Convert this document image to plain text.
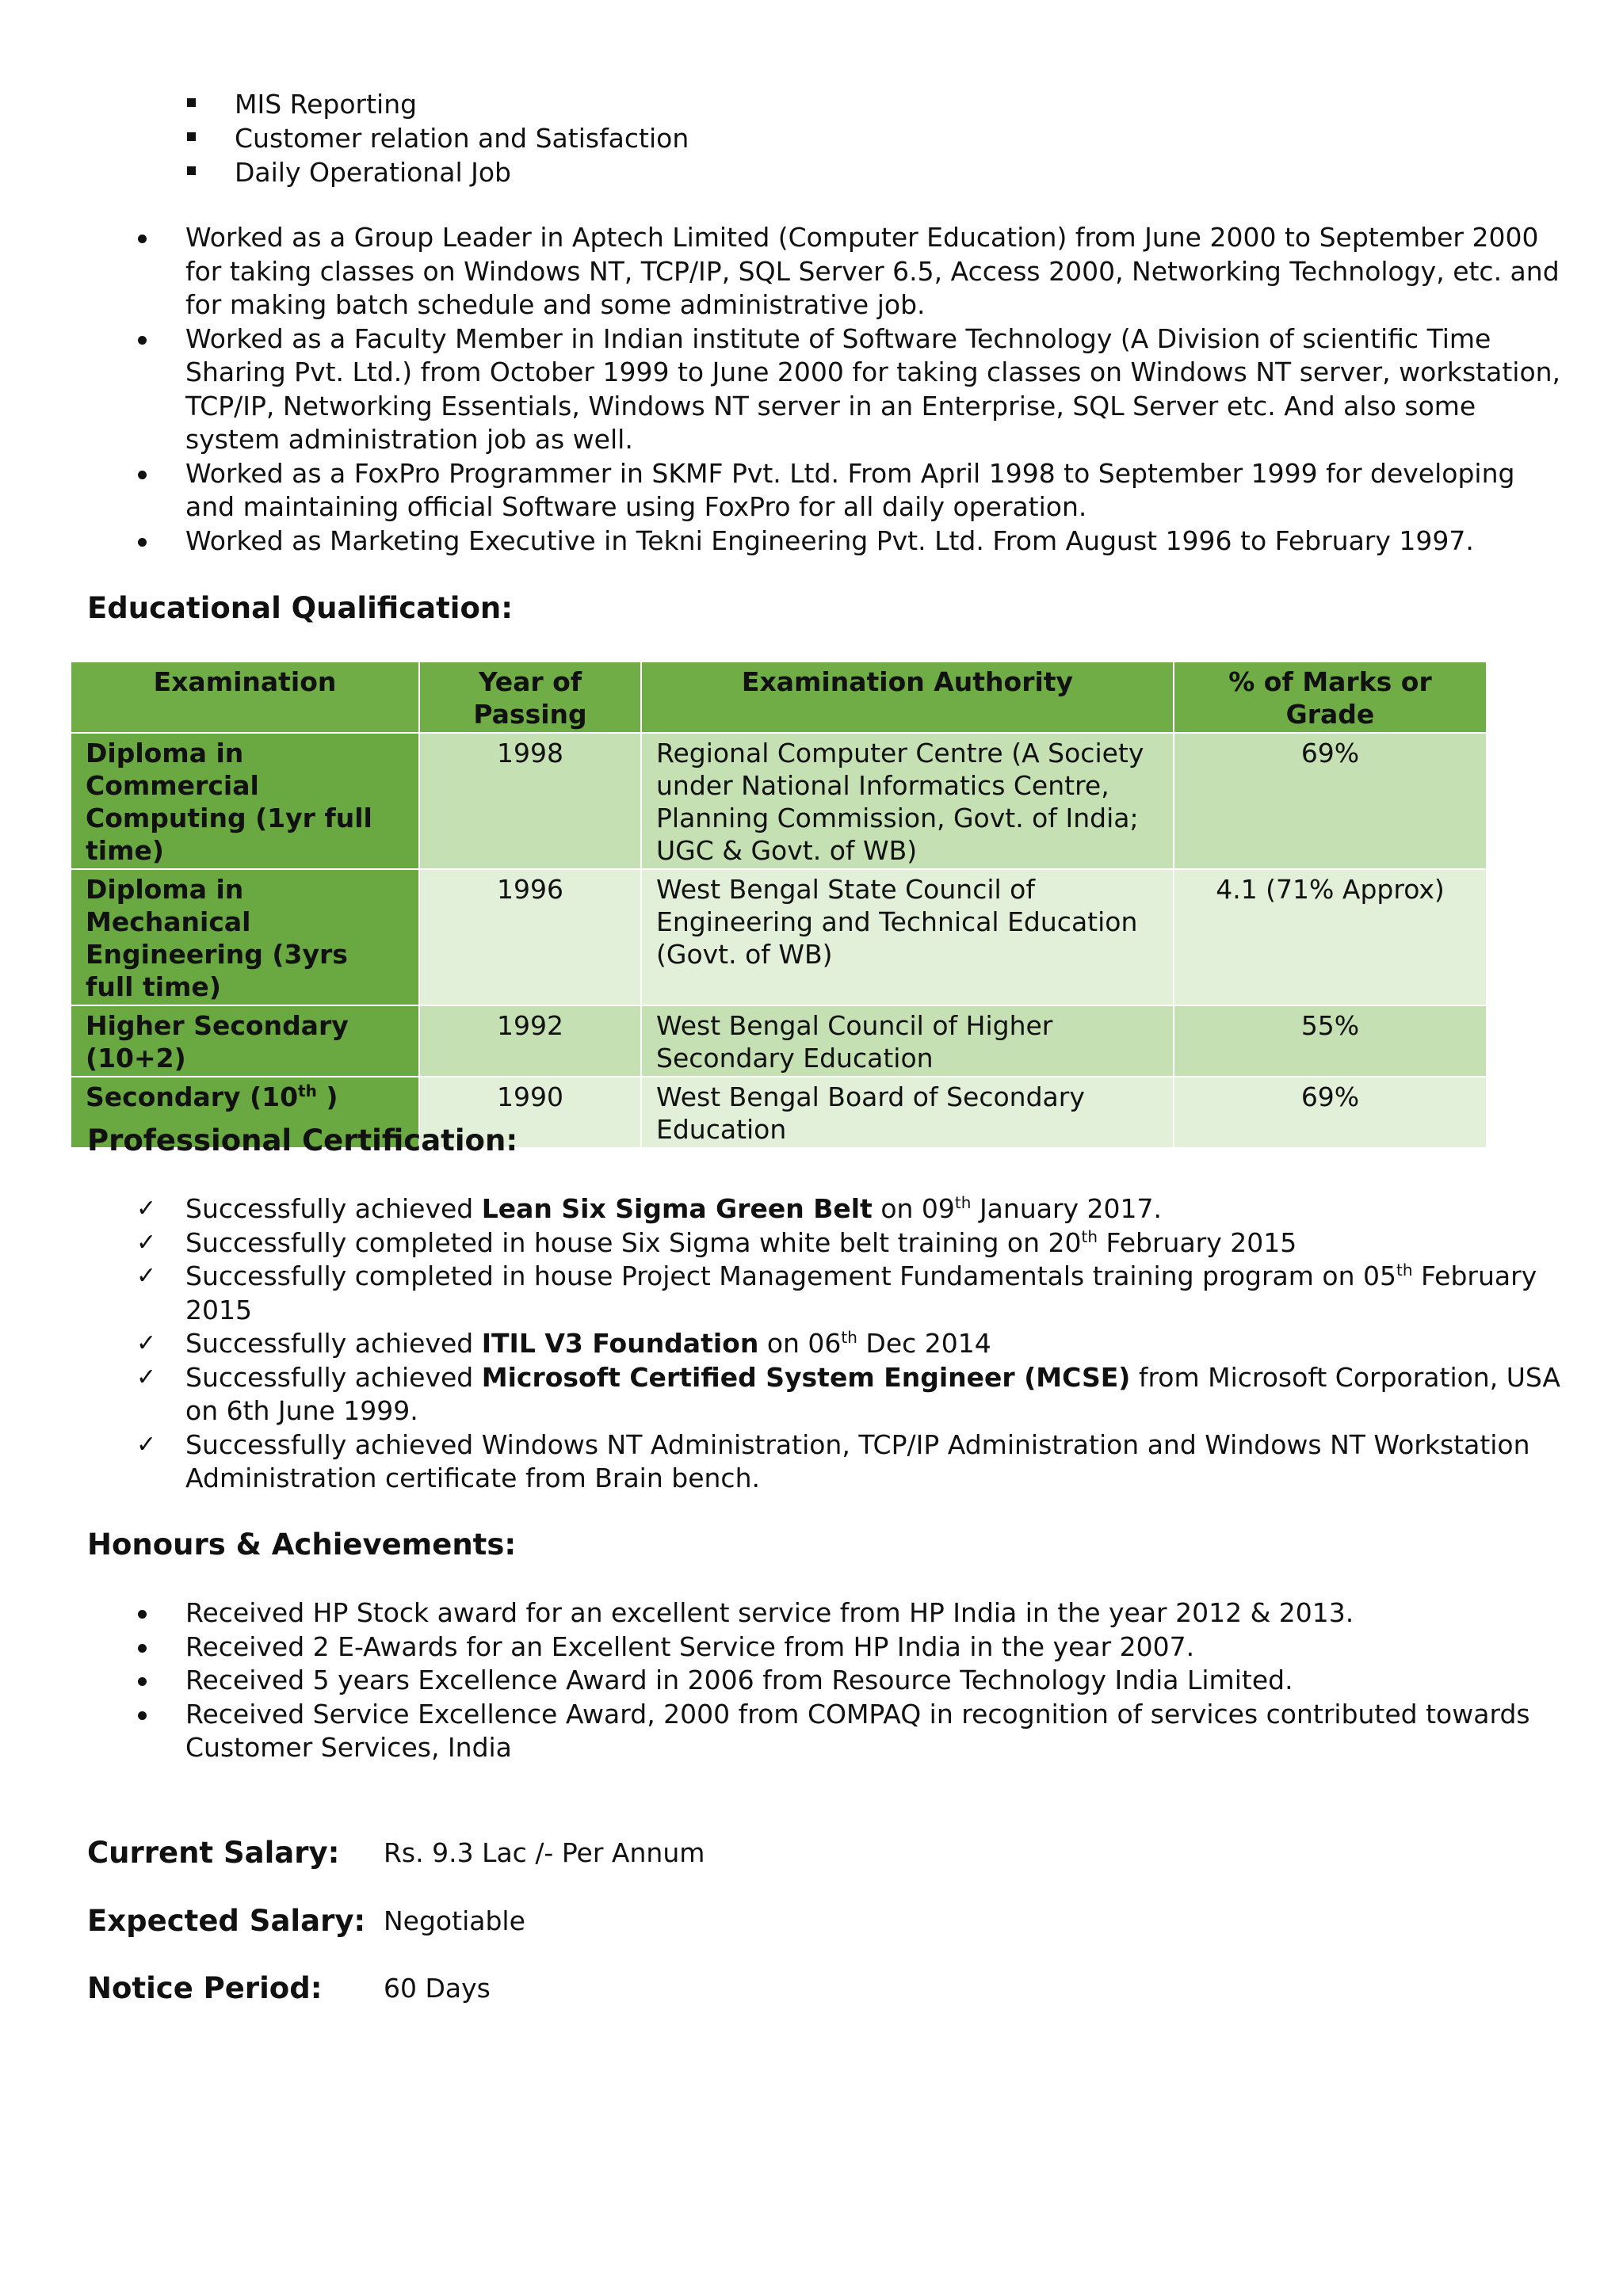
MIS Reporting
Customer relation and Satisfaction
Daily Operational Job
Worked as a Group Leader in Aptech Limited (Computer Education) from June 2000 to September 2000 for taking classes on Windows NT, TCP/IP, SQL Server 6.5, Access 2000, Networking Technology, etc. and for making batch schedule and some administrative job.
Worked as a Faculty Member in Indian institute of Software Technology (A Division of scientific Time Sharing Pvt. Ltd.) from October 1999 to June 2000 for taking classes on Windows NT server, workstation, TCP/IP, Networking Essentials, Windows NT server in an Enterprise, SQL Server etc. And also some system administration job as well.
Worked as a FoxPro Programmer in SKMF Pvt. Ltd. From April 1998 to September 1999 for developing and maintaining official Software using FoxPro for all daily operation.
Worked as Marketing Executive in Tekni Engineering Pvt. Ltd. From August 1996 to February 1997.
Educational Qualification:
Examination	Year of Passing	Examination Authority	% of Marks or Grade
Diploma in Commercial Computing (1yr full time)	1998	Regional Computer Centre (A Society under National Informatics Centre, Planning Commission, Govt. of India; UGC & Govt. of WB)	69%
Diploma in Mechanical Engineering (3yrs full time)	1996	West Bengal State Council of Engineering and Technical Education (Govt. of WB)	4.1 (71% Approx)
Higher Secondary (10+2)	1992	West Bengal Council of Higher Secondary Education	55%
Secondary (10th )	1990	West Bengal Board of Secondary Education	69%
Professional Certification:
✓ Successfully achieved Lean Six Sigma Green Belt on 09th January 2017.
✓ Successfully completed in house Six Sigma white belt training on 20th February 2015
✓ Successfully completed in house Project Management Fundamentals training program on 05th February 2015
✓ Successfully achieved ITIL V3 Foundation on 06th Dec 2014
✓ Successfully achieved Microsoft Certified System Engineer (MCSE) from Microsoft Corporation, USA on 6th June 1999.
✓ Successfully achieved Windows NT Administration, TCP/IP Administration and Windows NT Workstation Administration certificate from Brain bench.
Honours & Achievements:
Received HP Stock award for an excellent service from HP India in the year 2012 & 2013.
Received 2 E-Awards for an Excellent Service from HP India in the year 2007.
Received 5 years Excellence Award in 2006 from Resource Technology India Limited.
Received Service Excellence Award, 2000 from COMPAQ in recognition of services contributed towards Customer Services, India
Current Salary: Rs. 9.3 Lac /- Per Annum
Expected Salary: Negotiable
Notice Period: 60 Days
